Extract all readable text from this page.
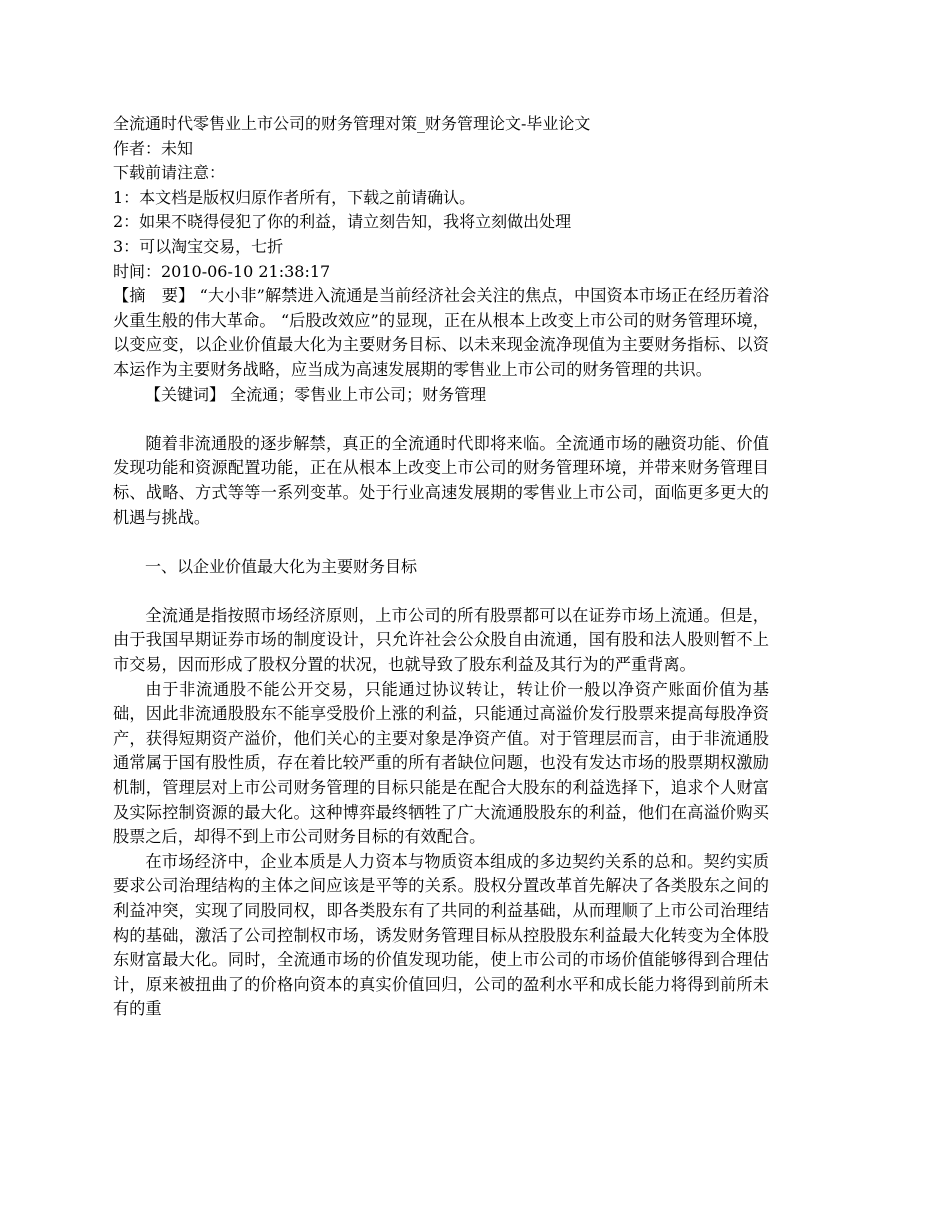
全流通时代零售业上市公司的财务管理对策_财务管理论文-毕业论文
作者：未知
下载前请注意：
1：本文档是版权归原作者所有，下载之前请确认。
2：如果不晓得侵犯了你的利益，请立刻告知，我将立刻做出处理
3：可以淘宝交易，七折
时间：2010-06-10 21:38:17

【摘　要】 “大小非”解禁进入流通是当前经济社会关注的焦点，中国资本市场正在经历着浴火重生般的伟大革命。 “后股改效应”的显现，正在从根本上改变上市公司的财务管理环境，以变应变，以企业价值最大化为主要财务目标、以未来现金流净现值为主要财务指标、以资本运作为主要财务战略，应当成为高速发展期的零售业上市公司的财务管理的共识。

【关键词】 全流通；零售业上市公司；财务管理

随着非流通股的逐步解禁，真正的全流通时代即将来临。全流通市场的融资功能、价值发现功能和资源配置功能，正在从根本上改变上市公司的财务管理环境，并带来财务管理目标、战略、方式等等一系列变革。处于行业高速发展期的零售业上市公司，面临更多更大的机遇与挑战。

一、以企业价值最大化为主要财务目标

全流通是指按照市场经济原则，上市公司的所有股票都可以在证券市场上流通。但是，由于我国早期证券市场的制度设计，只允许社会公众股自由流通，国有股和法人股则暂不上市交易，因而形成了股权分置的状况，也就导致了股东利益及其行为的严重背离。

由于非流通股不能公开交易，只能通过协议转让，转让价一般以净资产账面价值为基础，因此非流通股股东不能享受股价上涨的利益，只能通过高溢价发行股票来提高每股净资产，获得短期资产溢价，他们关心的主要对象是净资产值。对于管理层而言，由于非流通股通常属于国有股性质，存在着比较严重的所有者缺位问题，也没有发达市场的股票期权激励机制，管理层对上市公司财务管理的目标只能是在配合大股东的利益选择下，追求个人财富及实际控制资源的最大化。这种博弈最终牺牲了广大流通股股东的利益，他们在高溢价购买股票之后，却得不到上市公司财务目标的有效配合。

在市场经济中，企业本质是人力资本与物质资本组成的多边契约关系的总和。契约实质要求公司治理结构的主体之间应该是平等的关系。股权分置改革首先解决了各类股东之间的利益冲突，实现了同股同权，即各类股东有了共同的利益基础，从而理顺了上市公司治理结构的基础，激活了公司控制权市场，诱发财务管理目标从控股股东利益最大化转变为全体股东财富最大化。同时，全流通市场的价值发现功能，使上市公司的市场价值能够得到合理估计，原来被扭曲了的价格向资本的真实价值回归，公司的盈利水平和成长能力将得到前所未有的重
